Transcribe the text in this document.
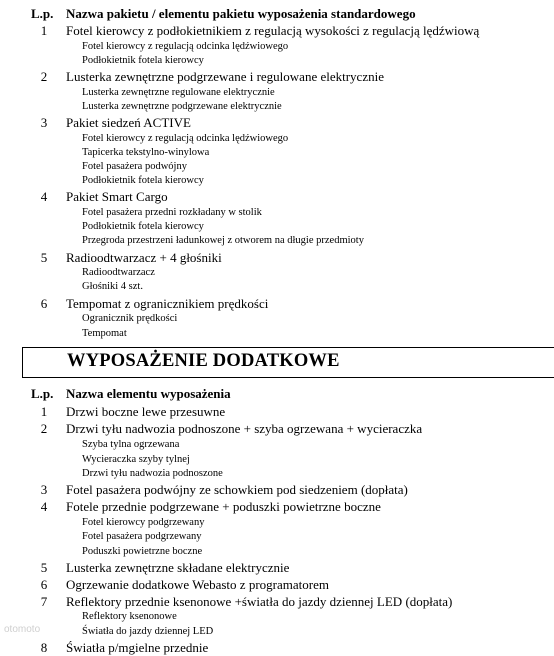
L.p. Nazwa pakietu / elementu pakietu wyposażenia standardowego
1 Fotel kierowcy z podłokietnikiem z regulacją wysokości z regulacją lędźwiową
Fotel kierowcy z regulacją odcinka lędźwiowego
Podłokietnik fotela kierowcy
2 Lusterka zewnętrzne podgrzewane i regulowane elektrycznie
Lusterka zewnętrzne regulowane elektrycznie
Lusterka zewnętrzne podgrzewane elektrycznie
3 Pakiet siedzeń ACTIVE
Fotel kierowcy z regulacją odcinka lędźwiowego
Tapicerka tekstylno-winylowa
Fotel pasażera podwójny
Podłokietnik fotela kierowcy
4 Pakiet Smart Cargo
Fotel pasażera przedni rozkładany w stolik
Podłokietnik fotela kierowcy
Przegroda przestrzeni ładunkowej z otworem na długie przedmioty
5 Radioodtwarzacz + 4 głośniki
Radioodtwarzacz
Głośniki 4 szt.
6 Tempomat z ogranicznikiem prędkości
Ogranicznik prędkości
Tempomat
WYPOSAŻENIE DODATKOWE
L.p. Nazwa elementu wyposażenia
1 Drzwi boczne lewe przesuwne
2 Drzwi tyłu nadwozia podnoszone + szyba ogrzewana + wycieraczka
Szyba tylna ogrzewana
Wycieraczka szyby tylnej
Drzwi tyłu nadwozia podnoszone
3 Fotel pasażera podwójny ze schowkiem pod siedzeniem (dopłata)
4 Fotele przednie podgrzewane + poduszki powietrzne boczne
Fotel kierowcy podgrzewany
Fotel pasażera podgrzewany
Poduszki powietrzne boczne
5 Lusterka zewnętrzne składane elektrycznie
6 Ogrzewanie dodatkowe Webasto z programatorem
7 Reflektory przednie ksenonowe +światła do jazdy dziennej LED (dopłata)
Reflektory ksenonowe
Światła do jazdy dziennej LED
8 Światła p/mgielne przednie
otomoto
